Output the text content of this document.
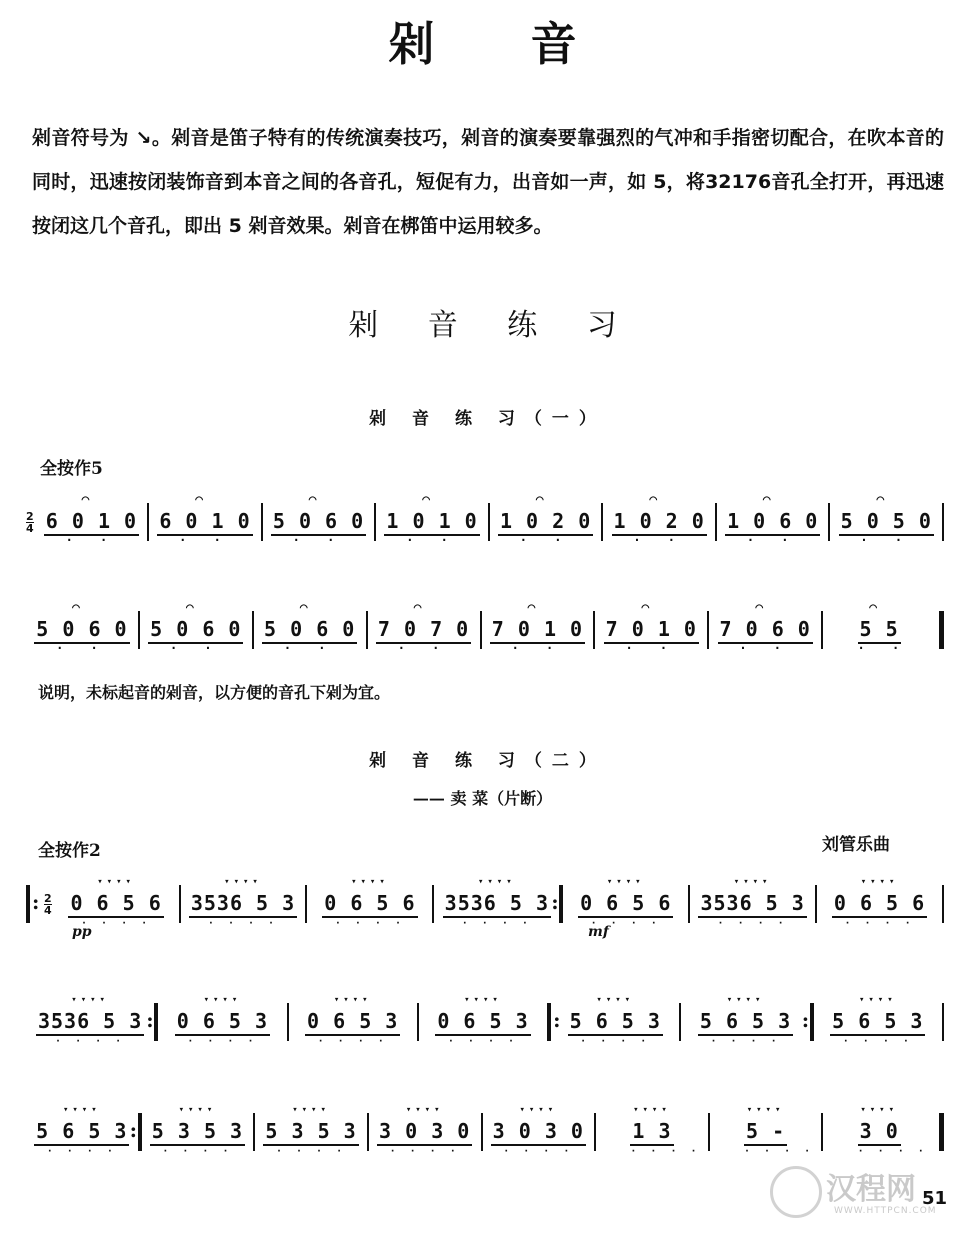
剁 音

剁音符号为 ↘。剁音是笛子特有的传统演奏技巧，剁音的演奏要靠强烈的气冲和手指密切配合，在吹本音的同时，迅速按闭装饰音到本音之间的各音孔，短促有力，出音如一声，如 5，将32176音孔全打开，再迅速按闭这几个音孔，即出 5 剁音效果。剁音在梆笛中运用较多。

剁 音 练 习
剁 音 练 习（一）
全按作5
2
4 ⌒ 6 0 1 0 · · ⌒ 6 0 1 0 · · ⌒ 5 0 6 0 · · ⌒ 1 0 1 0 · · ⌒ 1 0 2 0 · · ⌒ 1 0 2 0 · · ⌒ 1 0 6 0 · · ⌒ 5 0 5 0 · ·
⌒ 5 0 6 0 · · ⌒ 5 0 6 0 · · ⌒ 5 0 6 0 · · ⌒ 7 0 7 0 · · ⌒ 7 0 1 0 · · ⌒ 7 0 1 0 · · ⌒ 7 0 6 0 · · ⌒ 5 5 · ·
说明，未标起音的剁音，以方便的音孔下剁为宜。
剁 音 练 习（二）
—— 卖 菜（片断）
全按作2	刘管乐曲
:
2
4 ▾▾▾▾ 0 6 5 6 · · · · ▾▾▾▾ 3536 5 3 · · · · ▾▾▾▾ 0 6 5 6 · · · · ▾▾▾▾ 3536 5 3 · · · · : ▾▾▾▾ 0 6 5 6 · · · · ▾▾▾▾ 3536 5 3 · · · · ▾▾▾▾ 0 6 5 6 · · · ·
pp	mf
▾▾▾▾ 3536 5 3 · · · · : ▾▾▾▾ 0 6 5 3 · · · · ▾▾▾▾ 0 6 5 3 · · · · ▾▾▾▾ 0 6 5 3 · · · · : ▾▾▾▾ 5 6 5 3 · · · · ▾▾▾▾ 5 6 5 3 · · · · : ▾▾▾▾ 5 6 5 3 · · · ·
▾▾▾▾ 5 6 5 3 · · · · : ▾▾▾▾ 5 3 5 3 · · · · ▾▾▾▾ 5 3 5 3 · · · · ▾▾▾▾ 3 0 3 0 · · · · ▾▾▾▾ 3 0 3 0 · · · · ▾▾▾▾ 1 3 · · · ·	▾▾▾▾ 5 - · · · ·	▾▾▾▾ 3 0 · · · ·
汉程网
WWW.HTTPCN.COM
51
